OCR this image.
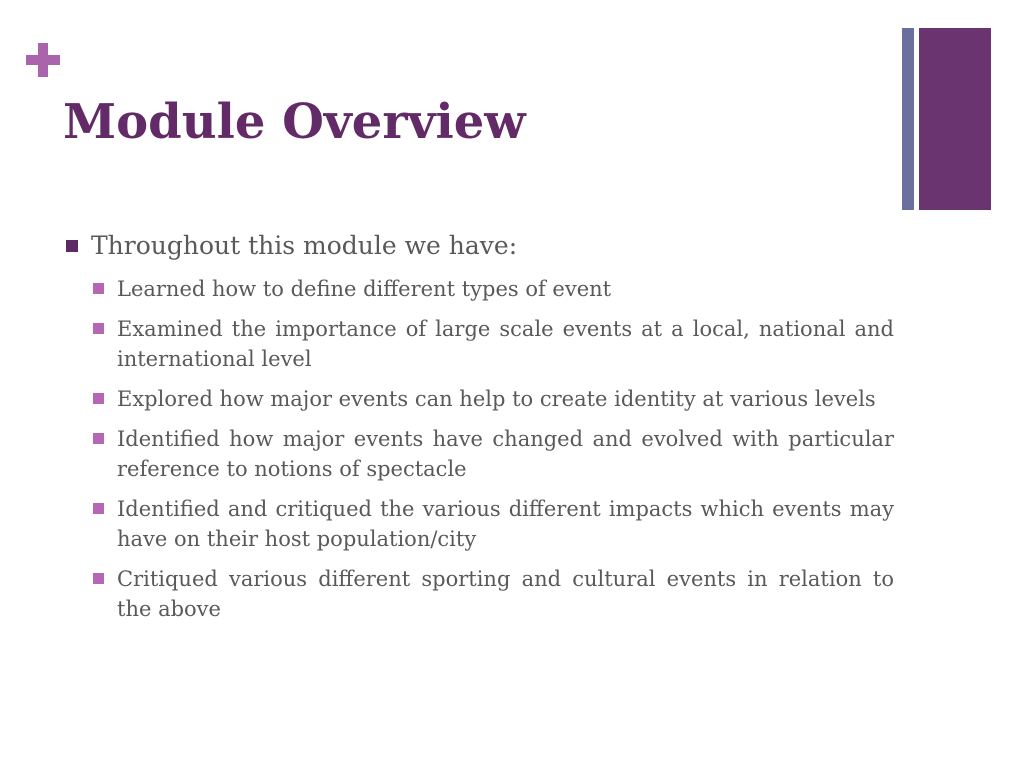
Module Overview
Throughout this module we have:
Learned how to define different types of event
Examined the importance of large scale events at a local, national and international level
Explored how major events can help to create identity at various levels
Identified how major events have changed and evolved with particular reference to notions of spectacle
Identified and critiqued the various different impacts which events may have on their host population/city
Critiqued various different sporting and cultural events in relation to the above
